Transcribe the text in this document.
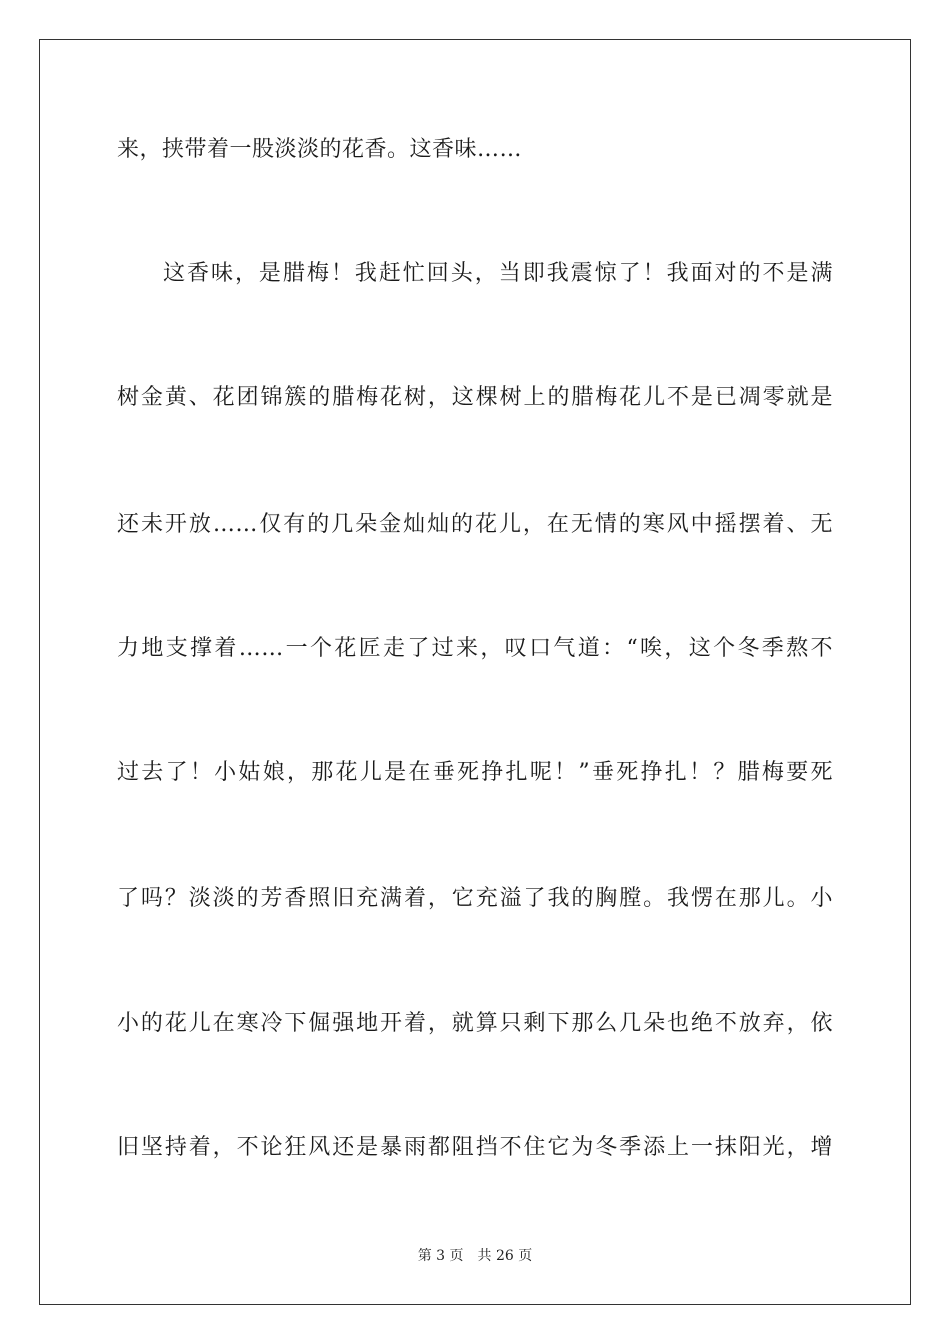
来，挟带着一股淡淡的花香。这香味……
这香味，是腊梅！我赶忙回头，当即我震惊了！我面对的不是满
树金黄、花团锦簇的腊梅花树，这棵树上的腊梅花儿不是已凋零就是
还未开放……仅有的几朵金灿灿的花儿，在无情的寒风中摇摆着、无
力地支撑着……一个花匠走了过来，叹口气道：“唉，这个冬季熬不
过去了！小姑娘，那花儿是在垂死挣扎呢！”垂死挣扎！？腊梅要死
了吗？淡淡的芳香照旧充满着，它充溢了我的胸膛。我愣在那儿。小
小的花儿在寒冷下倔强地开着，就算只剩下那么几朵也绝不放弃，依
旧坚持着，不论狂风还是暴雨都阻挡不住它为冬季添上一抹阳光，增
第 3 页　共 26 页
